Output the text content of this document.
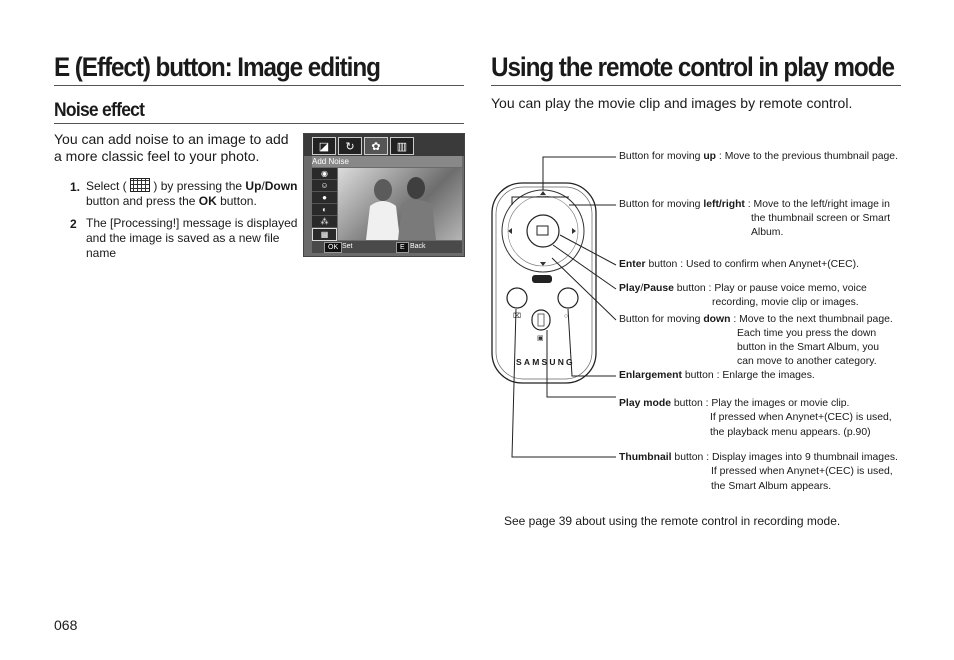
E (Effect) button: Image editing
Noise effect
You can add noise to an image to add a more classic feel to your photo.
1. Select ( ) by pressing the Up/Down button and press the OK button.
2 The [Processing!] message is displayed and the image is saved as a new file name
◪	↻	✿	▥
Add Noise
◉
☺
●
◐
⁂
▦
OK Set	E Back
068
Using the remote control in play mode
You can play the movie clip and images by remote control.
⌧	○
▣
SAMSUNG
Button for moving up : Move to the previous thumbnail page.
Button for moving left/right : Move to the left/right image in
the thumbnail screen or Smart
Album.
Enter button : Used to confirm when Anynet+(CEC).
Play/Pause button : Play or pause voice memo, voice
recording, movie clip or images.
Button for moving down : Move to the next thumbnail page.
Each time you press the down
button in the Smart Album, you
can move to another category.
Enlargement button : Enlarge the images.
Play mode button : Play the images or movie clip.
If pressed when Anynet+(CEC) is used,
the playback menu appears. (p.90)
Thumbnail button : Display images into 9 thumbnail images.
If pressed when Anynet+(CEC) is used,
the Smart Album appears.
See page 39 about using the remote control in recording mode.
